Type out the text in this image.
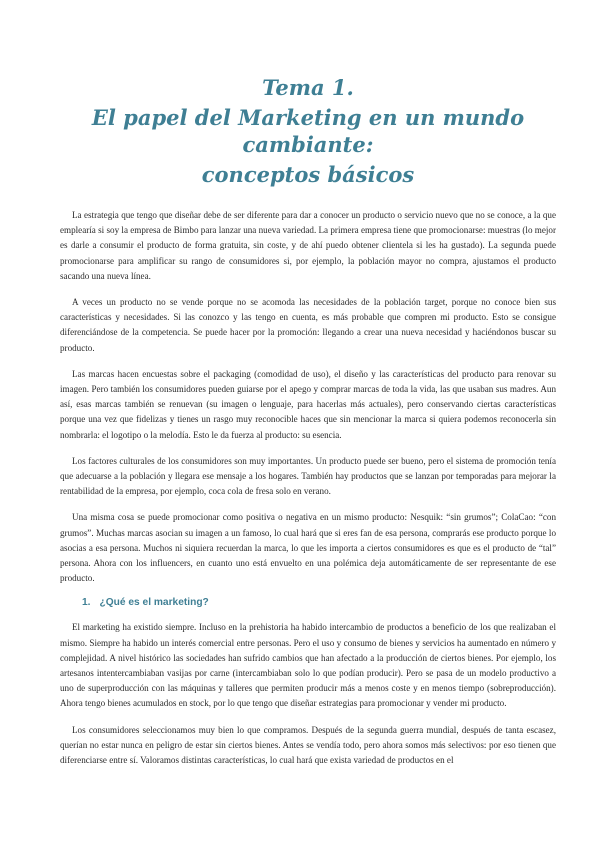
Tema 1.
El papel del Marketing en un mundo cambiante:
conceptos básicos

La estrategia que tengo que diseñar debe de ser diferente para dar a conocer un producto o servicio nuevo que no se conoce, a la que emplearía si soy la empresa de Bimbo para lanzar una nueva variedad. La primera empresa tiene que promocionarse: muestras (lo mejor es darle a consumir el producto de forma gratuita, sin coste, y de ahí puedo obtener clientela si les ha gustado). La segunda puede promocionarse para amplificar su rango de consumidores si, por ejemplo, la población mayor no compra, ajustamos el producto sacando una nueva línea.

A veces un producto no se vende porque no se acomoda las necesidades de la población target, porque no conoce bien sus características y necesidades. Si las conozco y las tengo en cuenta, es más probable que compren mi producto. Esto se consigue diferenciándose de la competencia. Se puede hacer por la promoción: llegando a crear una nueva necesidad y haciéndonos buscar su producto.

Las marcas hacen encuestas sobre el packaging (comodidad de uso), el diseño y las características del producto para renovar su imagen. Pero también los consumidores pueden guiarse por el apego y comprar marcas de toda la vida, las que usaban sus madres. Aun así, esas marcas también se renuevan (su imagen o lenguaje, para hacerlas más actuales), pero conservando ciertas características porque una vez que fidelizas y tienes un rasgo muy reconocible haces que sin mencionar la marca si quiera podemos reconocerla sin nombrarla: el logotipo o la melodía. Esto le da fuerza al producto: su esencia.

Los factores culturales de los consumidores son muy importantes. Un producto puede ser bueno, pero el sistema de promoción tenía que adecuarse a la población y llegara ese mensaje a los hogares. También hay productos que se lanzan por temporadas para mejorar la rentabilidad de la empresa, por ejemplo, coca cola de fresa solo en verano.

Una misma cosa se puede promocionar como positiva o negativa en un mismo producto: Nesquik: “sin grumos”; ColaCao: “con grumos”. Muchas marcas asocian su imagen a un famoso, lo cual hará que si eres fan de esa persona, comprarás ese producto porque lo asocias a esa persona. Muchos ni siquiera recuerdan la marca, lo que les importa a ciertos consumidores es que es el producto de “tal” persona. Ahora con los influencers, en cuanto uno está envuelto en una polémica deja automáticamente de ser representante de ese producto.

1. ¿Qué es el marketing?

El marketing ha existido siempre. Incluso en la prehistoria ha habido intercambio de productos a beneficio de los que realizaban el mismo. Siempre ha habido un interés comercial entre personas. Pero el uso y consumo de bienes y servicios ha aumentado en número y complejidad. A nivel histórico las sociedades han sufrido cambios que han afectado a la producción de ciertos bienes. Por ejemplo, los artesanos intentercambiaban vasijas por carne (intercambiaban solo lo que podían producir). Pero se pasa de un modelo productivo a uno de superproducción con las máquinas y talleres que permiten producir más a menos coste y en menos tiempo (sobreproducción). Ahora tengo bienes acumulados en stock, por lo que tengo que diseñar estrategias para promocionar y vender mi producto.

Los consumidores seleccionamos muy bien lo que compramos. Después de la segunda guerra mundial, después de tanta escasez, querían no estar nunca en peligro de estar sin ciertos bienes. Antes se vendía todo, pero ahora somos más selectivos: por eso tienen que diferenciarse entre sí. Valoramos distintas características, lo cual hará que exista variedad de productos en el
